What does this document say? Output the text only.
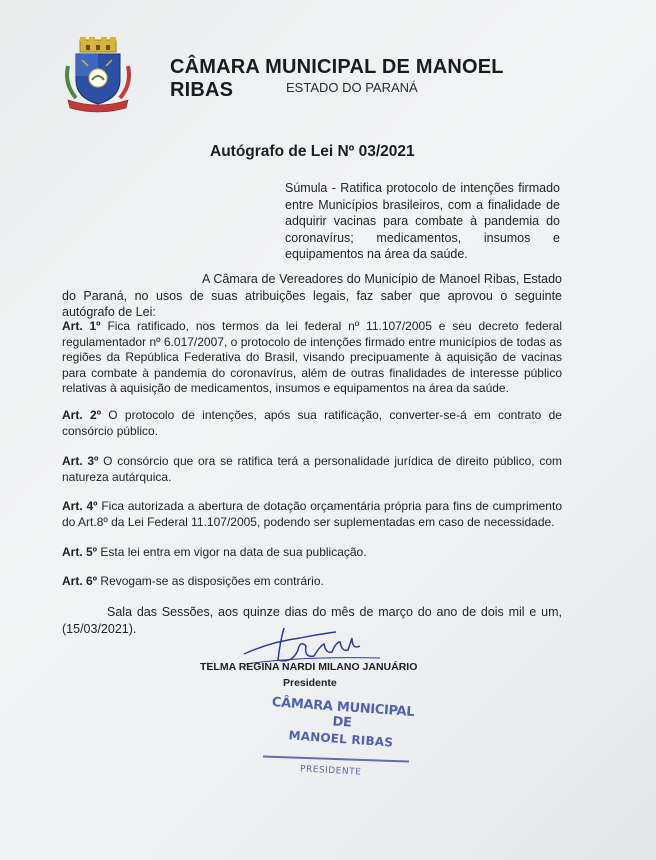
CÂMARA MUNICIPAL DE MANOEL RIBAS	ESTADO DO PARANÁ
Autógrafo de Lei Nº 03/2021
Súmula - Ratifica protocolo de intenções firmado entre Municípios brasileiros, com a finalidade de adquirir vacinas para combate à pandemia do coronavírus; medicamentos, insumos e equipamentos na área da saúde.
A Câmara de Vereadores do Município de Manoel Ribas, Estado do Paraná, no usos de suas atribuições legais, faz saber que aprovou o seguinte autógrafo de Lei:
Art. 1º Fica ratificado, nos termos da lei federal nº 11.107/2005 e seu decreto federal regulamentador nº 6.017/2007, o protocolo de intenções firmado entre municípios de todas as regiões da República Federativa do Brasil, visando precipuamente à aquisição de vacinas para combate à pandemia do coronavírus, além de outras finalidades de interesse público relativas à aquisição de medicamentos, insumos e equipamentos na área da saúde.
Art. 2º O protocolo de intenções, após sua ratificação, converter-se-á em contrato de consórcio público.
Art. 3º O consórcio que ora se ratifica terá a personalidade jurídica de direito público, com natureza autárquica.
Art. 4º Fica autorizada a abertura de dotação orçamentária própria para fins de cumprimento do Art.8º da Lei Federal 11.107/2005, podendo ser suplementadas em caso de necessidade.
Art. 5º Esta lei entra em vigor na data de sua publicação.
Art. 6º Revogam-se as disposições em contrário.
Sala das Sessões, aos quinze dias do mês de março do ano de dois mil e um, (15/03/2021).
TELMA REGINA NARDI MILANO JANUÁRIO
Presidente
CÂMARA MUNICIPAL DE
MANOEL RIBAS
PRESIDENTE
